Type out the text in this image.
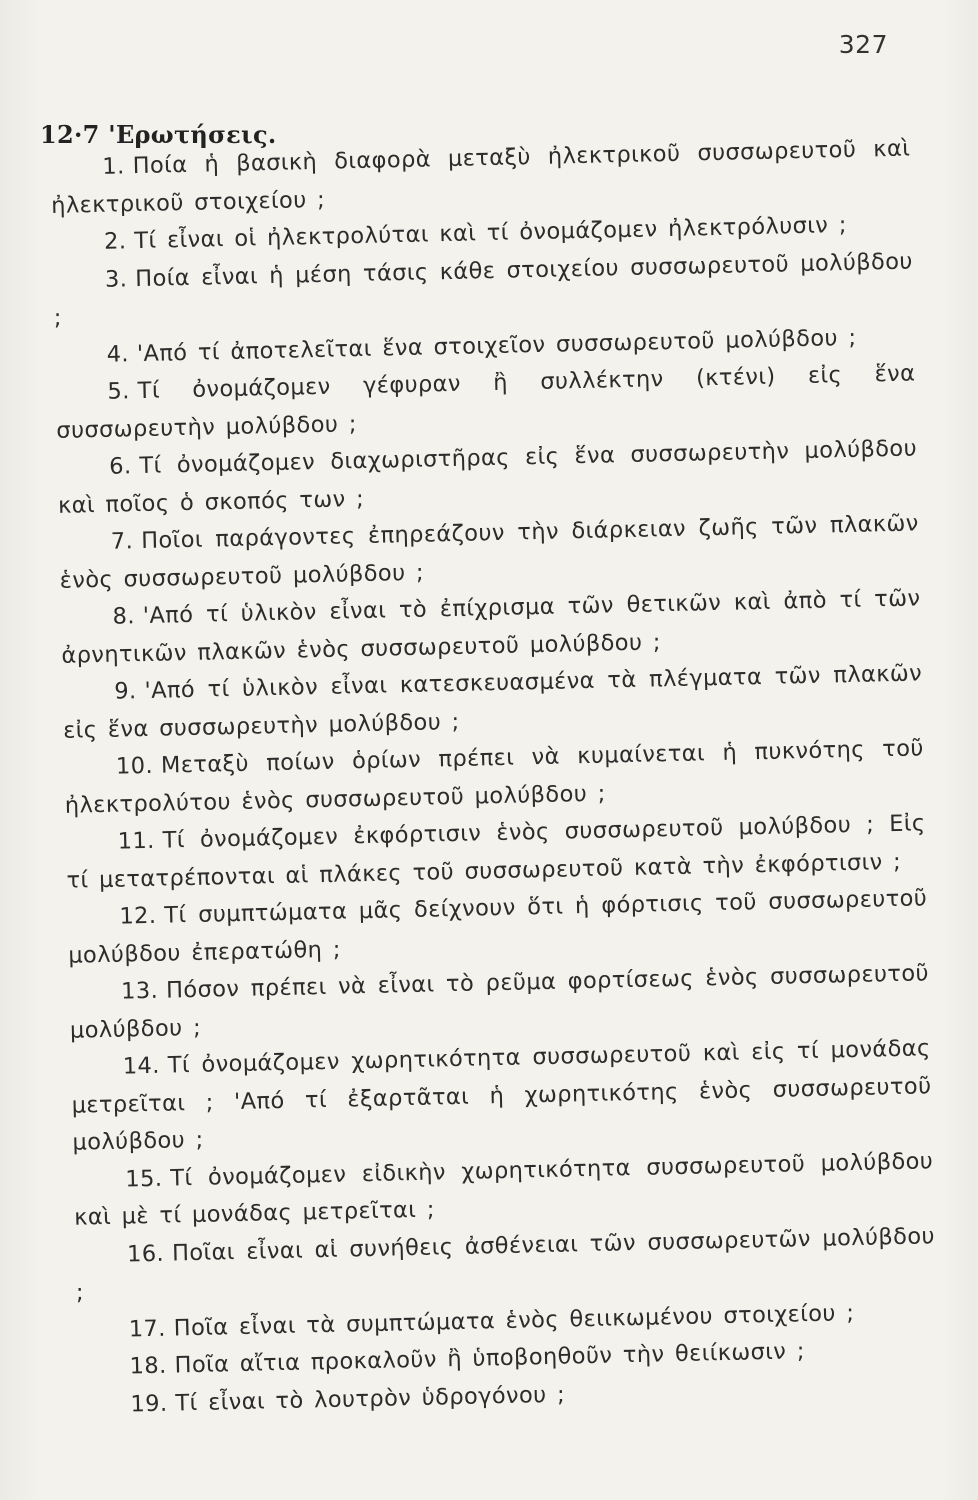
327
12·7 'Ερωτήσεις.

1. Ποία ἡ βασικὴ διαφορὰ μεταξὺ ἠλεκτρικοῦ συσσωρευτοῦ καὶ ἠλεκτρικοῦ στοιχείου ;

2. Τί εἶναι οἱ ἠλεκτρολύται καὶ τί ὀνομάζομεν ἠλεκτρόλυσιν ;

3. Ποία εἶναι ἡ μέση τάσις κάθε στοιχείου συσσωρευτοῦ μολύβδου ;

4. 'Από τί ἀποτελεῖται ἕνα στοιχεῖον συσσωρευτοῦ μολύβδου ;

5. Τί ὀνομάζομεν γέφυραν ἢ συλλέκτην (κτένι) εἰς ἕνα συσσωρευτὴν μολύβδου ;

6. Τί ὀνομάζομεν διαχωριστῆρας εἰς ἕνα συσσωρευτὴν μολύβδου καὶ ποῖος ὁ σκοπός των ;

7. Ποῖοι παράγοντες ἐπηρεάζουν τὴν διάρκειαν ζωῆς τῶν πλακῶν ἑνὸς συσσωρευτοῦ μολύβδου ;

8. 'Από τί ὑλικὸν εἶναι τὸ ἐπίχρισμα τῶν θετικῶν καὶ ἀπὸ τί τῶν ἀρνητικῶν πλακῶν ἑνὸς συσσωρευτοῦ μολύβδου ;

9. 'Από τί ὑλικὸν εἶναι κατεσκευασμένα τὰ πλέγματα τῶν πλακῶν εἰς ἕνα συσσωρευτὴν μολύβδου ;

10. Μεταξὺ ποίων ὁρίων πρέπει νὰ κυμαίνεται ἡ πυκνότης τοῦ ἠλεκτρολύτου ἑνὸς συσσωρευτοῦ μολύβδου ;

11. Τί ὀνομάζομεν ἐκφόρτισιν ἑνὸς συσσωρευτοῦ μολύβδου ; Εἰς τί μετατρέπονται αἱ πλάκες τοῦ συσσωρευτοῦ κατὰ τὴν ἐκφόρτισιν ;

12. Τί συμπτώματα μᾶς δείχνουν ὅτι ἡ φόρτισις τοῦ συσσωρευτοῦ μολύβδου ἐπερατώθη ;

13. Πόσον πρέπει νὰ εἶναι τὸ ρεῦμα φορτίσεως ἑνὸς συσσωρευτοῦ μολύβδου ;

14. Τί ὀνομάζομεν χωρητικότητα συσσωρευτοῦ καὶ εἰς τί μονάδας μετρεῖται ; 'Από τί ἐξαρτᾶται ἡ χωρητικότης ἑνὸς συσσωρευτοῦ μολύβδου ;

15. Τί ὀνομάζομεν εἰδικὴν χωρητικότητα συσσωρευτοῦ μολύβδου καὶ μὲ τί μονάδας μετρεῖται ;

16. Ποῖαι εἶναι αἱ συνήθεις ἀσθένειαι τῶν συσσωρευτῶν μολύβδου ;

17. Ποῖα εἶναι τὰ συμπτώματα ἑνὸς θειικωμένου στοιχείου ;

18. Ποῖα αἴτια προκαλοῦν ἢ ὑποβοηθοῦν τὴν θειίκωσιν ;

19. Τί εἶναι τὸ λουτρὸν ὑδρογόνου ;
